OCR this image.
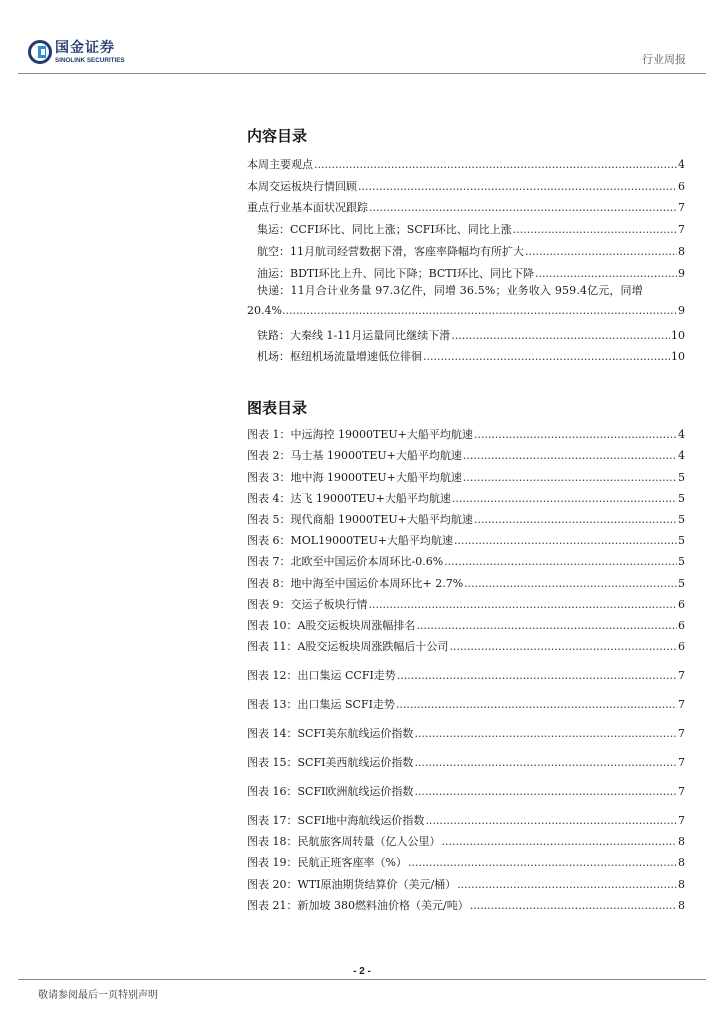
国金证券
SINOLINK SECURITIES	行业周报
内容目录
本周主要观点 .....	4
本周交运板块行情回顾 .....	6
重点行业基本面状况跟踪 .....	7
集运：CCFI环比、同比上涨；SCFI环比、同比上涨 .....	7
航空：11月航司经营数据下滑，客座率降幅均有所扩大 .....	8
油运：BDTI环比上升、同比下降；BCTI环比、同比下降 .....	9
快递：11月合计业务量 97.3亿件，同增 36.5%；业务收入 959.4亿元，同增
20.4% .....	9
铁路：大秦线 1-11月运量同比继续下滑 .....	10
机场：枢纽机场流量增速低位徘徊 .....	10
图表目录
图表 1：中远海控 19000TEU+大船平均航速 .....	4
图表 2：马士基 19000TEU+大船平均航速 .....	4
图表 3：地中海 19000TEU+大船平均航速 .....	5
图表 4：达飞 19000TEU+大船平均航速 .....	5
图表 5：现代商船 19000TEU+大船平均航速 .....	5
图表 6：MOL19000TEU+大船平均航速 .....	5
图表 7：北欧至中国运价本周环比-0.6% .....	5
图表 8：地中海至中国运价本周环比+ 2.7% .....	5
图表 9：交运子板块行情 .....	6
图表 10：A股交运板块周涨幅排名 .....	6
图表 11：A股交运板块周涨跌幅后十公司 .....	6
图表 12：出口集运 CCFI走势 .....	7
图表 13：出口集运 SCFI走势 .....	7
图表 14：SCFI美东航线运价指数 .....	7
图表 15：SCFI美西航线运价指数 .....	7
图表 16：SCFI欧洲航线运价指数 .....	7
图表 17：SCFI地中海航线运价指数 .....	7
图表 18：民航旅客周转量（亿人公里） .....	8
图表 19：民航正班客座率（%） .....	8
图表 20：WTI原油期货结算价（美元/桶） .....	8
图表 21：新加坡 380燃料油价格（美元/吨） .....	8
- 2 -
敬请参阅最后一页特别声明
